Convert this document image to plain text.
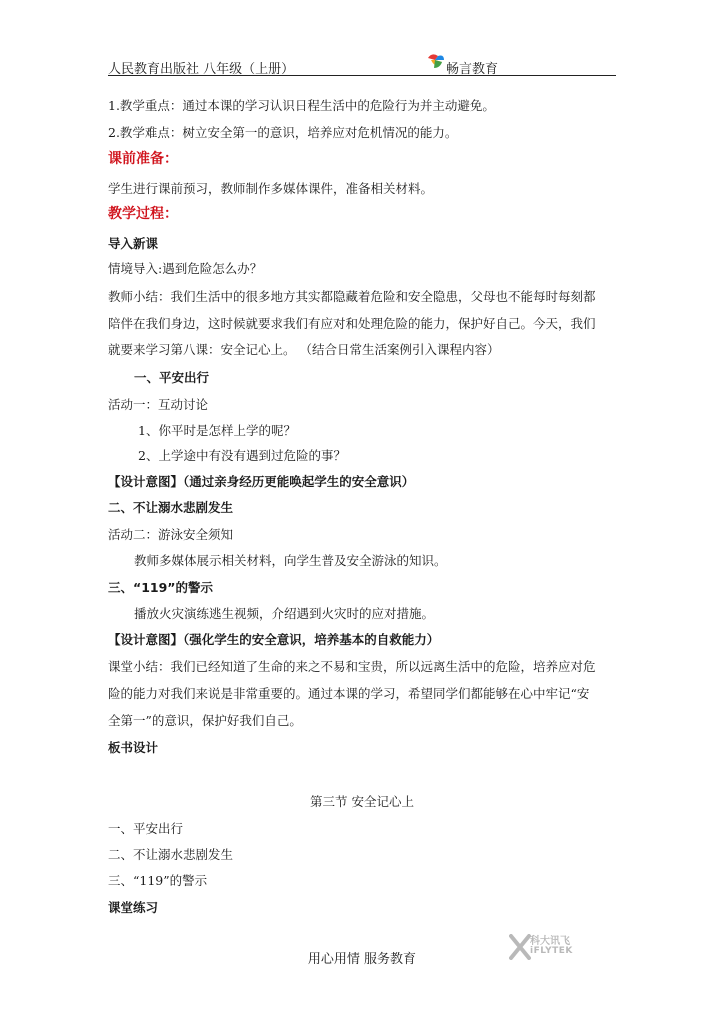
人民教育出版社 八年级（上册）	畅言教育
1.教学重点：通过本课的学习认识日程生活中的危险行为并主动避免。
2.教学难点：树立安全第一的意识，培养应对危机情况的能力。
课前准备：
学生进行课前预习，教师制作多媒体课件，准备相关材料。
教学过程：
导入新课
情境导入:遇到危险怎么办？
教师小结：我们生活中的很多地方其实都隐藏着危险和安全隐患，父母也不能每时每刻都
陪伴在我们身边，这时候就要求我们有应对和处理危险的能力，保护好自己。今天，我们
就要来学习第八课：安全记心上。 （结合日常生活案例引入课程内容）
一、平安出行
活动一：互动讨论
1、你平时是怎样上学的呢？
2、上学途中有没有遇到过危险的事？
【设计意图】（通过亲身经历更能唤起学生的安全意识）
二、不让溺水悲剧发生
活动二：游泳安全须知
教师多媒体展示相关材料，向学生普及安全游泳的知识。
三、“119”的警示
播放火灾演练逃生视频，介绍遇到火灾时的应对措施。
【设计意图】（强化学生的安全意识，培养基本的自救能力）
课堂小结：我们已经知道了生命的来之不易和宝贵，所以远离生活中的危险，培养应对危
险的能力对我们来说是非常重要的。通过本课的学习，希望同学们都能够在心中牢记“安
全第一”的意识，保护好我们自己。
板书设计
第三节 安全记心上
一、平安出行
二、不让溺水悲剧发生
三、“119”的警示
课堂练习
用心用情 服务教育
科大讯飞
iFLYTEK
